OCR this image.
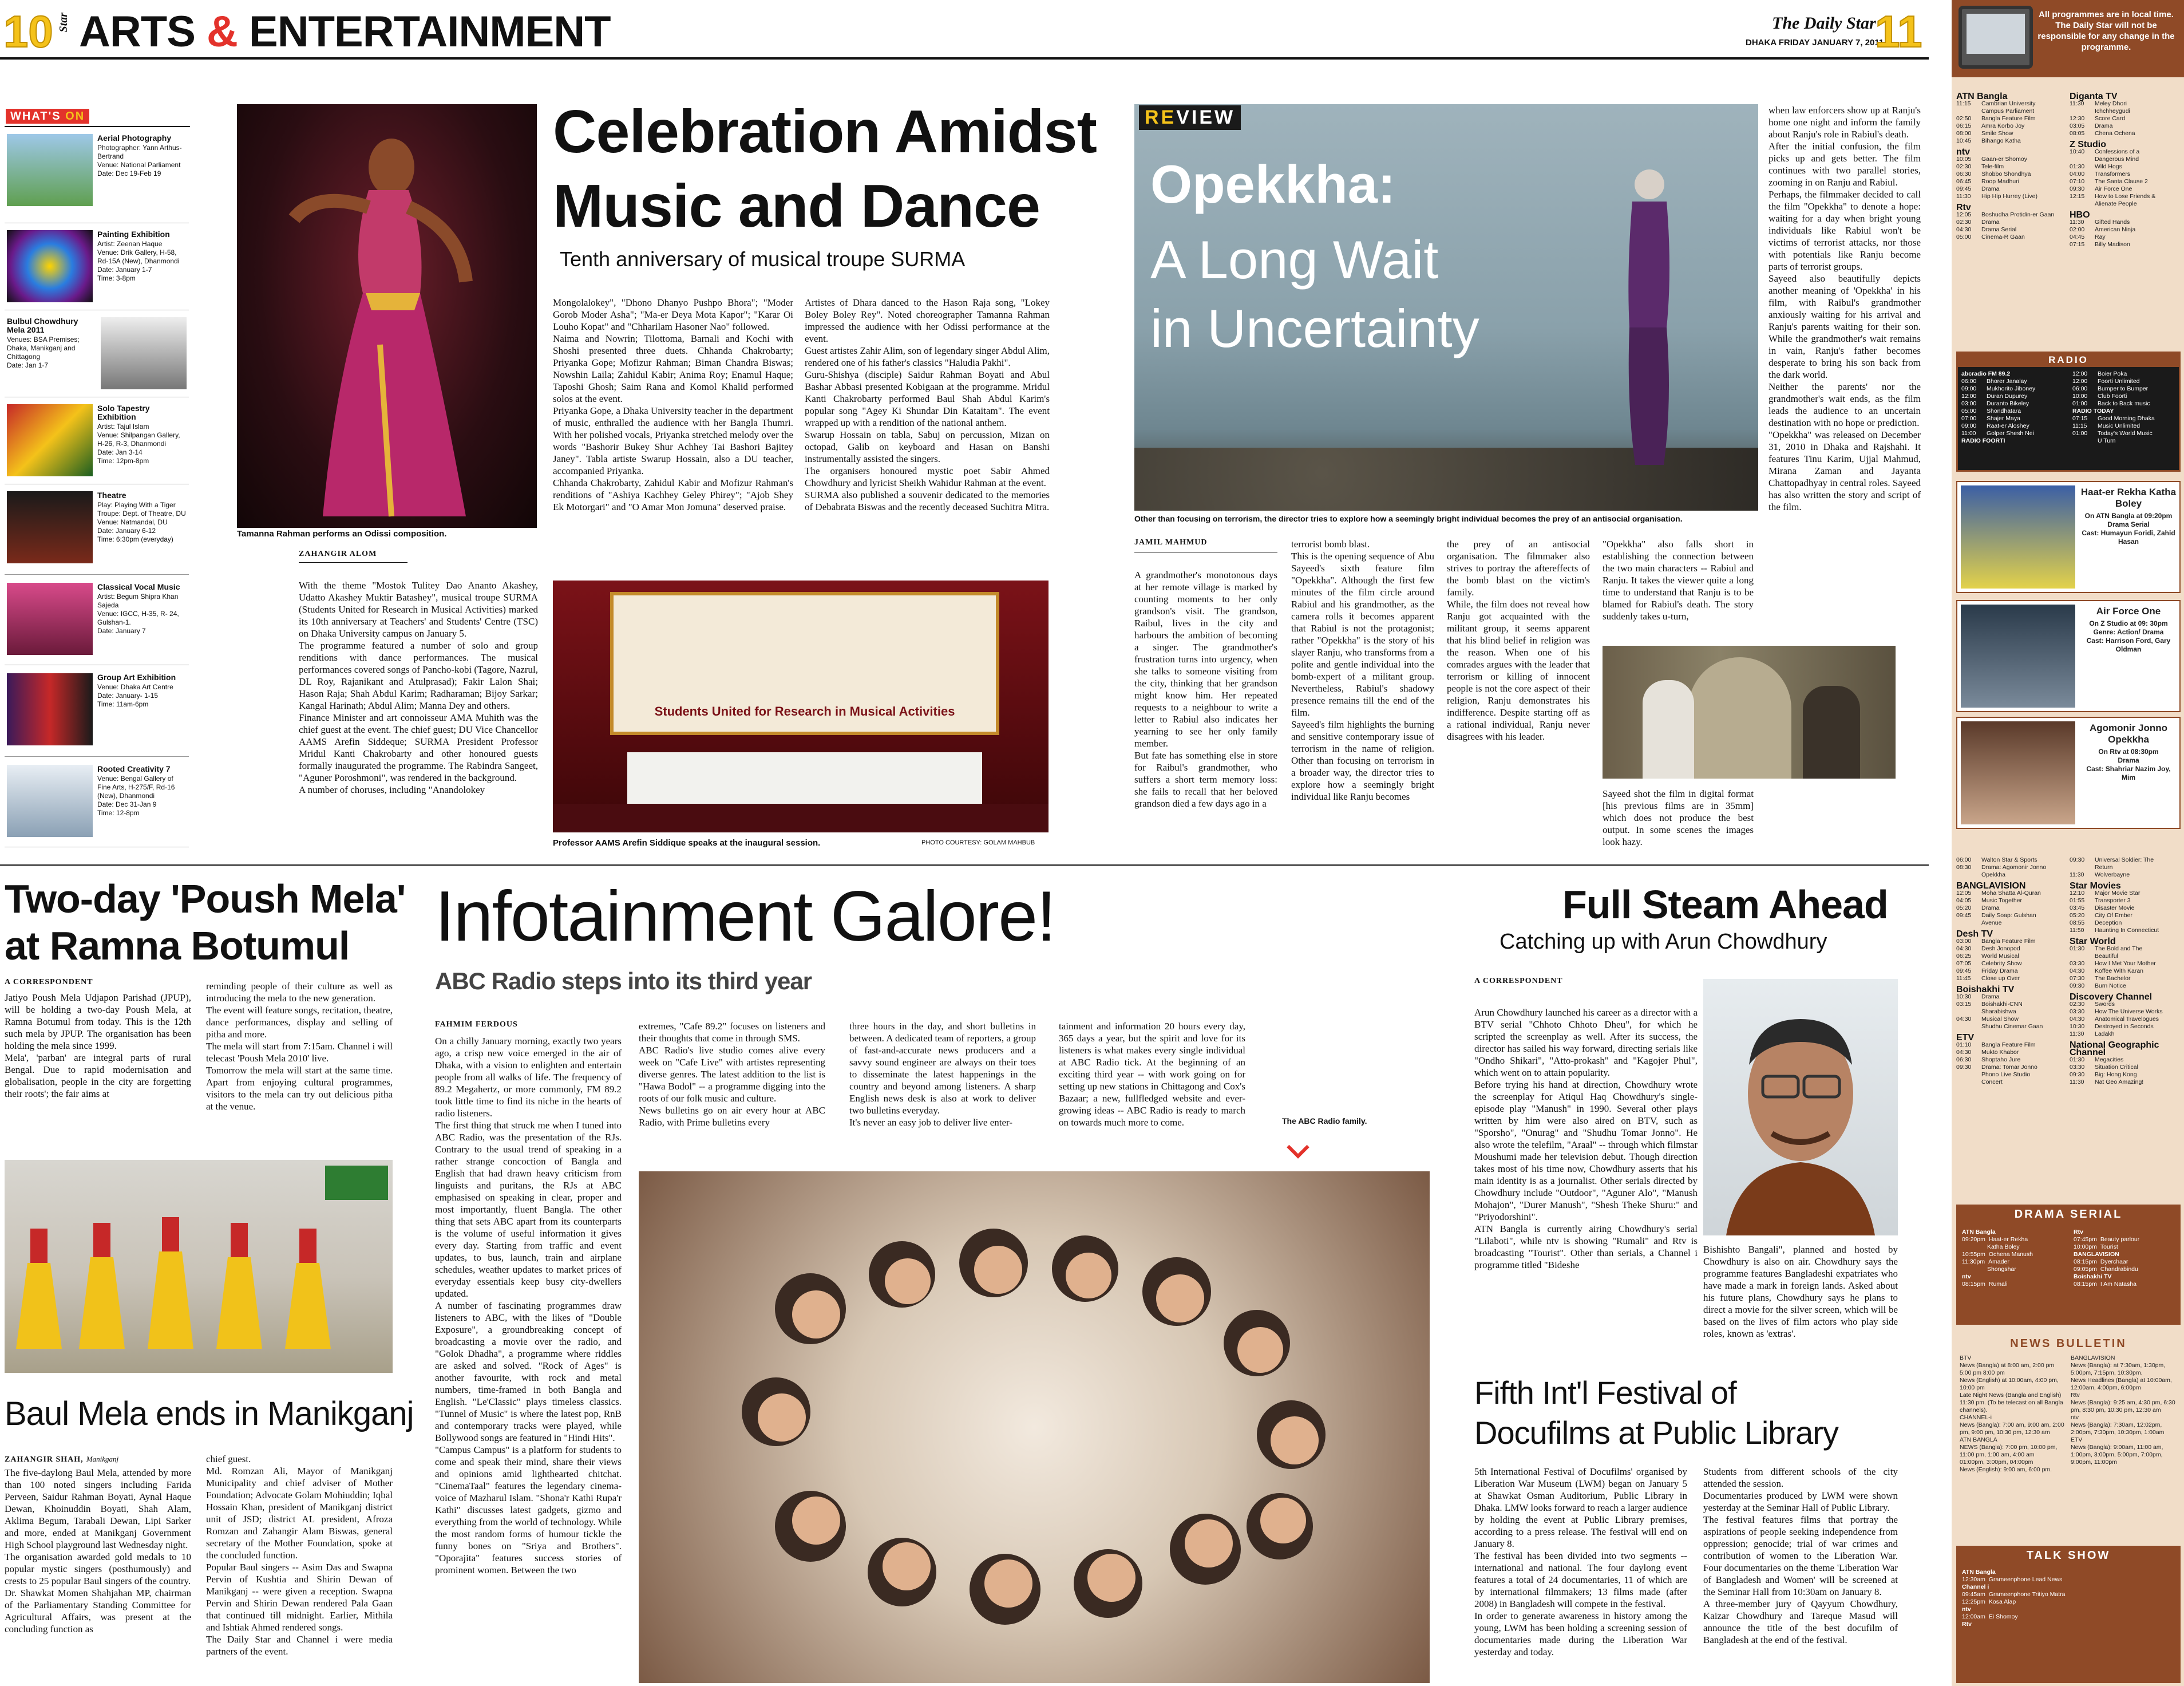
10 Star ARTS & ENTERTAINMENT	The Daily Star
DHAKA FRIDAY JANUARY 7, 2011
11	All programmes are in local time. The Daily Star will not be responsible for any change in the programme.
WHAT'S ON
Aerial Photography
Photographer: Yann Arthus-Bertrand
Venue: National Parliament
Date: Dec 19-Feb 19
Painting Exhibition
Artist: Zeenan Haque
Venue: Drik Gallery, H-58, Rd-15A (New), Dhanmondi
Date: January 1-7
Time: 3-8pm
Bulbul Chowdhury Mela 2011
Venues: BSA Premises; Dhaka, Manikganj and Chittagong
Date: Jan 1-7
Solo Tapestry Exhibition
Artist: Tajul Islam
Venue: Shilpangan Gallery, H-26, R-3, Dhanmondi
Date: Jan 3-14
Time: 12pm-8pm
Theatre
Play: Playing With a Tiger
Troupe: Dept. of Theatre, DU
Venue: Natmandal, DU
Date: January 6-12
Time: 6:30pm (everyday)
Classical Vocal Music
Artist: Begum Shipra Khan Sajeda
Venue: IGCC, H-35, R- 24, Gulshan-1.
Date: January 7
Group Art Exhibition
Venue: Dhaka Art Centre
Date: January- 1-15
Time: 11am-6pm
Rooted Creativity 7
Venue: Bengal Gallery of Fine Arts, H-275/F, Rd-16 (New), Dhanmondi
Date: Dec 31-Jan 9
Time: 12-8pm
Tamanna Rahman performs an Odissi composition.
Celebration Amidst
Music and Dance
Tenth anniversary of musical troupe SURMA
ZAHANGIR ALOM
With the theme "Mostok Tulitey Dao Ananto Akashey, Udatto Akashey Muktir Batashey", musical troupe SURMA (Students United for Research in Musical Activities) marked its 10th anniversary at Teachers' and Students' Centre (TSC) on Dhaka University campus on January 5.
The programme featured a number of solo and group renditions with dance performances. The musical performances covered songs of Pancho-kobi (Tagore, Nazrul, DL Roy, Rajanikant and Atulprasad); Fakir Lalon Shai; Hason Raja; Shah Abdul Karim; Radharaman; Bijoy Sarkar; Kangal Harinath; Abdul Alim; Manna Dey and others.
Finance Minister and art connoisseur AMA Muhith was the chief guest at the event. The chief guest; DU Vice Chancellor AAMS Arefin Siddeque; SURMA President Professor Mridul Kanti Chakrobarty and other honoured guests formally inaugurated the programme. The Rabindra Sangeet, "Aguner Poroshmoni", was rendered in the background.
A number of choruses, including "Anandolokey
Mongolalokey", "Dhono Dhanyo Pushpo Bhora"; "Moder Gorob Moder Asha"; "Ma-er Deya Mota Kapor"; "Karar Oi Louho Kopat" and "Chharilam Hasoner Nao" followed.
Naima and Nowrin; Tilottoma, Barnali and Kochi with Shoshi presented three duets. Chhanda Chakrobarty; Priyanka Gope; Mofizur Rahman; Biman Chandra Biswas; Nowshin Laila; Zahidul Kabir; Anima Roy; Enamul Haque; Taposhi Ghosh; Saim Rana and Komol Khalid performed solos at the event.
Priyanka Gope, a Dhaka University teacher in the department of music, enthralled the audience with her Bangla Thumri. With her polished vocals, Priyanka stretched melody over the words "Bashorir Bukey Shur Achhey Tai Bashori Bajitey Janey". Tabla artiste Swarup Hossain, also a DU teacher, accompanied Priyanka.
Chhanda Chakrobarty, Zahidul Kabir and Mofizur Rahman's renditions of "Ashiya Kachhey Geley Phirey"; "Ajob Shey Ek Motorgari" and "O Amar Mon Jomuna" deserved praise.
Artistes of Dhara danced to the Hason Raja song, "Lokey Boley Boley Rey". Noted choreographer Tamanna Rahman impressed the audience with her Odissi performance at the event.
Guest artistes Zahir Alim, son of legendary singer Abdul Alim, rendered one of his father's classics "Haludia Pakhi".
Guru-Shishya (disciple) Saidur Rahman Boyati and Abul Bashar Abbasi presented Kobigaan at the programme. Mridul Kanti Chakrobarty performed Baul Shah Abdul Karim's popular song "Agey Ki Shundar Din Kataitam". The event wrapped up with a rendition of the national anthem.
Swarup Hossain on tabla, Sabuj on percussion, Mizan on octopad, Galib on keyboard and Hasan on Banshi instrumentally assisted the singers.
The organisers honoured mystic poet Sabir Ahmed Chowdhury and lyricist Sheikh Wahidur Rahman at the event.
SURMA also published a souvenir dedicated to the memories of Debabrata Biswas and the recently deceased Suchitra Mitra.
Students United for Research in Musical Activities
Professor AAMS Arefin Siddique speaks at the inaugural session.	PHOTO COURTESY: GOLAM MAHBUB
REVIEW
Opekkha:
A Long Wait
in Uncertainty
Other than focusing on terrorism, the director tries to explore how a seemingly bright individual becomes the prey of an antisocial organisation.
JAMIL MAHMUD
A grandmother's monotonous days at her remote village is marked by counting moments to her only grandson's visit. The grandson, Raibul, lives in the city and harbours the ambition of becoming a singer. The grandmother's frustration turns into urgency, when she talks to someone visiting from the city, thinking that her grandson might know him. Her repeated requests to a neighbour to write a letter to Rabiul also indicates her yearning to see her only family member.
But fate has something else in store for Raibul's grandmother, who suffers a short term memory loss: she fails to recall that her beloved grandson died a few days ago in a
terrorist bomb blast.
This is the opening sequence of Abu Sayeed's sixth feature film "Opekkha". Although the first few minutes of the film circle around Rabiul and his grandmother, as the camera rolls it becomes apparent that Rabiul is not the protagonist; rather "Opekkha" is the story of his slayer Ranju, who transforms from a polite and gentle individual into the bomb-expert of a militant group. Nevertheless, Rabiul's shadowy presence remains till the end of the film.
Sayeed's film highlights the burning and sensitive contemporary issue of terrorism in the name of religion. Other than focusing on terrorism in a broader way, the director tries to explore how a seemingly bright individual like Ranju becomes
the prey of an antisocial organisation. The filmmaker also strives to portray the aftereffects of the bomb blast on the victim's family.
While, the film does not reveal how Ranju got acquainted with the militant group, it seems apparent that his blind belief in religion was the reason. When one of his comrades argues with the leader that terrorism or killing of innocent people is not the core aspect of their religion, Ranju demonstrates his indifference. Despite starting off as a rational individual, Ranju never disagrees with his leader.
"Opekkha" also falls short in establishing the connection between the two main characters -- Rabiul and Ranju. It takes the viewer quite a long time to understand that Ranju is to be blamed for Rabiul's death. The story suddenly takes u-turn,
Sayeed shot the film in digital format [his previous films are in 35mm] which does not produce the best output. In some scenes the images look hazy.
when law enforcers show up at Ranju's home one night and inform the family about Ranju's role in Rabiul's death.
After the initial confusion, the film picks up and gets better. The film continues with two parallel stories, zooming in on Ranju and Rabiul.
Perhaps, the filmmaker decided to call the film "Opekkha" to denote a hope: waiting for a day when bright young individuals like Rabiul won't be victims of terrorist attacks, nor those with potentials like Ranju become parts of terrorist groups.
Sayeed also beautifully depicts another meaning of 'Opekkha' in his film, with Raibul's grandmother anxiously waiting for his arrival and Ranju's parents waiting for their son. While the grandmother's wait remains in vain, Ranju's father becomes desperate to bring his son back from the dark world.
Neither the parents' nor the grandmother's wait ends, as the film leads the audience to an uncertain destination with no hope or prediction.
"Opekkha" was released on December 31, 2010 in Dhaka and Rajshahi. It features Tinu Karim, Ujjal Mahmud, Mirana Zaman and Jayanta Chattopadhyay in central roles. Sayeed has also written the story and script of the film.
Two-day 'Poush Mela'
at Ramna Botumul
A CORRESPONDENT
Jatiyo Poush Mela Udjapon Parishad (JPUP), will be holding a two-day Poush Mela, at Ramna Botumul from today. This is the 12th such mela by JPUP. The organisation has been holding the mela since 1999.
Mela', 'parban' are integral parts of rural Bengal. Due to rapid modernisation and globalisation, people in the city are forgetting their roots'; the fair aims at
reminding people of their culture as well as introducing the mela to the new generation.
The event will feature songs, recitation, theatre, dance performances, display and selling of pitha and more.
The mela will start from 7:15am. Channel i will telecast 'Poush Mela 2010' live.
Tomorrow the mela will start at the same time. Apart from enjoying cultural programmes, visitors to the mela can try out delicious pitha at the venue.
Baul Mela ends in Manikganj
ZAHANGIR SHAH, Manikganj
The five-daylong Baul Mela, attended by more than 100 noted singers including Farida Perveen, Saidur Rahman Boyati, Aynal Haque Dewan, Khoinuddin Boyati, Shah Alam, Aklima Begum, Tarabali Dewan, Lipi Sarker and more, ended at Manikganj Government High School playground last Wednesday night.
The organisation awarded gold medals to 10 popular mystic singers (posthumously) and crests to 25 popular Baul singers of the country.
Dr. Shawkat Momen Shahjahan MP, chairman of the Parliamentary Standing Committee for Agricultural Affairs, was present at the concluding function as
chief guest.
Md. Romzan Ali, Mayor of Manikganj Municipality and chief adviser of Mother Foundation; Advocate Golam Mohiuddin; Iqbal Hossain Khan, president of Manikganj district unit of JSD; district AL president, Afroza Romzan and Zahangir Alam Biswas, general secretary of the Mother Foundation, spoke at the concluded function.
Popular Baul singers -- Asim Das and Swapna Pervin of Kushtia and Shirin Dewan of Manikganj -- were given a reception. Swapna Pervin and Shirin Dewan rendered Pala Gaan that continued till midnight. Earlier, Mithila and Ishtiak Ahmed rendered songs.
The Daily Star and Channel i were media partners of the event.
Infotainment Galore!
ABC Radio steps into its third year
FAHMIM FERDOUS
On a chilly January morning, exactly two years ago, a crisp new voice emerged in the air of Dhaka, with a vision to enlighten and entertain people from all walks of life. The frequency of 89.2 Megahertz, or more commonly, FM 89.2 took little time to find its niche in the hearts of radio listeners.
The first thing that struck me when I tuned into ABC Radio, was the presentation of the RJs. Contrary to the usual trend of speaking in a rather strange concoction of Bangla and English that had drawn heavy criticism from linguists and puritans, the RJs at ABC emphasised on speaking in clear, proper and most importantly, fluent Bangla. The other thing that sets ABC apart from its counterparts is the volume of useful information it gives every day. Starting from traffic and event updates, to bus, launch, train and airplane schedules, weather updates to market prices of everyday essentials keep busy city-dwellers updated.
A number of fascinating programmes draw listeners to ABC, with the likes of "Double Exposure", a groundbreaking concept of broadcasting a movie over the radio, and "Golok Dhadha", a programme where riddles are asked and solved. "Rock of Ages" is another favourite, with rock and metal numbers, time-framed in both Bangla and English. "Le'Classic" plays timeless classics. "Tunnel of Music" is where the latest pop, RnB and contemporary tracks were played, while Bollywood songs are featured in "Hindi Hits".
"Campus Campus" is a platform for students to come and speak their mind, share their views and opinions amid lighthearted chitchat. "CinemaTaal" features the legendary cinema-voice of Mazharul Islam. "Shona'r Kathi Rupa'r Kathi" discusses latest gadgets, gizmo and everything from the world of technology. While the most random forms of humour tickle the funny bones on "Sriya and Brothers". "Oporajita" features success stories of prominent women. Between the two
extremes, "Cafe 89.2" focuses on listeners and their thoughts that come in through SMS.
ABC Radio's live studio comes alive every week on "Cafe Live" with artistes representing diverse genres. The latest addition to the list is "Hawa Bodol" -- a programme digging into the roots of our folk music and culture.
News bulletins go on air every hour at ABC Radio, with Prime bulletins every
three hours in the day, and short bulletins in between. A dedicated team of reporters, a group of fast-and-accurate news producers and a savvy sound engineer are always on their toes to disseminate the latest happenings in the country and beyond among listeners. A sharp English news desk is also at work to deliver two bulletins everyday.
It's never an easy job to deliver live enter-
tainment and information 20 hours every day, 365 days a year, but the spirit and love for its listeners is what makes every single individual at ABC Radio tick. At the beginning of an exciting third year -- with work going on for setting up new stations in Chittagong and Cox's Bazaar; a new, fullfledged website and ever-growing ideas -- ABC Radio is ready to march on towards much more to come.	The ABC Radio family.
Full Steam Ahead
Catching up with Arun Chowdhury
A CORRESPONDENT
Arun Chowdhury launched his career as a director with a BTV serial "Chhoto Chhoto Dheu", for which he scripted the screenplay as well. After its success, the director has sailed his way forward, directing serials like "Ondho Shikari", "Atto-prokash" and "Kagojer Phul", which went on to attain popularity.
Before trying his hand at direction, Chowdhury wrote the screenplay for Atiqul Haq Chowdhury's single-episode play "Manush" in 1990. Several other plays written by him were also aired on BTV, such as "Sporsho", "Onurag" and "Shudhu Tomar Jonno". He also wrote the telefilm, "Araal" -- through which filmstar Moushumi made her television debut. Though direction takes most of his time now, Chowdhury asserts that his main identity is as a journalist. Other serials directed by Chowdhury include "Outdoor", "Aguner Alo", "Manush Mohajon", "Durer Manush", "Shesh Theke Shuru:" and "Priyodorshini".
ATN Bangla is currently airing Chowdhury's serial "Lilaboti", while ntv is showing "Rumali" and Rtv is broadcasting "Tourist". Other than serials, a Channel i programme titled "Bideshe
Bishishto Bangali", planned and hosted by Chowdhury is also on air. Chowdhury says the programme features Bangladeshi expatriates who have made a mark in foreign lands. Asked about his future plans, Chowdhury says he plans to direct a movie for the silver screen, which will be based on the lives of film actors who play side roles, known as 'extras'.
Fifth Int'l Festival of
Docufilms at Public Library
5th International Festival of Docufilms' organised by Liberation War Museum (LWM) began on January 5 at Shawkat Osman Auditorium, Public Library in Dhaka. LMW looks forward to reach a larger audience by holding the event at Public Library premises, according to a press release. The festival will end on January 8.
The festival has been divided into two segments -- international and national. The four daylong event features a total of 24 documentaries, 11 of which are by international filmmakers; 13 films made (after 2008) in Bangladesh will compete in the festival.
In order to generate awareness in history among the young, LWM has been holding a screening session of documentaries made during the Liberation War yesterday and today.
Students from different schools of the city attended the session.
Documentaries produced by LWM were shown yesterday at the Seminar Hall of Public Library.
The festival features films that portray the aspirations of people seeking independence from oppression; genocide; trial of war crimes and contribution of women to the Liberation War. Four documentaries on the theme 'Liberation War of Bangladesh and Women' will be screened at the Seminar Hall from 10:30am on January 8.
A three-member jury of Qayyum Chowdhury, Kaizar Chowdhury and Tareque Masud will announce the title of the best docufilm of Bangladesh at the end of the festival.
ATN Bangla
11:15	Cambrian University
Campus Parliament
02:50	Bangla Feature Film
06:15	Amra Korbo Joy
08:00	Smile Show
10:45	Bihango Katha
ntv
10:05	Gaan-er Shomoy
02:30	Tele-film
06:30	Shobbo Shondhya
06:45	Roop Madhuri
09:45	Drama
11:30	Hip Hip Hurrey (Live)
Rtv
12:05	Boshudha Protidin-er Gaan
02:30	Drama
04:30	Drama Serial
05:00	Cinema-R Gaan
Diganta TV
11:30	Meley Dhori
Ichchheygudi
12:30	Score Card
03:05	Drama
08:05	Chena Ochena
Z Studio
10:40	Confessions of a
Dangerous Mind
01:30	Wild Hogs
04:00	Transformers
07:10	The Santa Clause 2
09:30	Air Force One
12:15	How to Lose Friends &
Alienate People
HBO
11:30	Gifted Hands
02:00	American Ninja
04:45	Ray
07:15	Billy Madison
RADIO
abcradio FM 89.2
06:00	Bhorer Janalay
09:00	Mukhorito Jiboney
12:00	Duran Dupurey
03:00	Duranto Bikeley
05:00	Shondhatara
07:00	Shajer Maya
09:00	Raat-er Aloshey
11:00	Golper Shesh Nei
RADIO FOORTI
12:00	Boier Poka
12:00	Foorti Unlimited
06:00	Bumper to Bumper
10:00	Club Foorti
01:00	Back to Back music
RADIO TODAY
07:15	Good Morning Dhaka
11:15	Music Unlimited
01:00	Today's World Music
U Turn
Haat-er Rekha Katha Boley
On ATN Bangla at 09:20pm
Drama Serial
Cast: Humayun Foridi, Zahid Hasan
Air Force One
On Z Studio at 09: 30pm
Genre: Action/ Drama
Cast: Harrison Ford, Gary Oldman
Agomonir Jonno Opekkha
On Rtv at 08:30pm
Drama
Cast: Shahriar Nazim Joy, Mim
06:00	Walton Star & Sports
08:30	Drama: Agomonir Jonno
Opekkha
BANGLAVISION
12:05	Moha Shatta Al-Quran
04:05	Music Together
05:20	Drama
09:45	Daily Soap: Gulshan
Avenue
Desh TV
03:00	Bangla Feature Film
04:30	Desh Jonopod
06:25	World Musical
07:05	Celebrity Show
09:45	Friday Drama
11:45	Close up Over
Boishakhi TV
10:30	Drama
03:15	Boishakhi-CNN
Sharabishwa
04:30	Musical Show
Shudhu Cinemar Gaan
ETV
01:10	Bangla Feature Film
04:30	Mukto Khabor
06:30	Shoptaho Jure
09:30	Drama: Tomar Jonno
Phono Live Studio
Concert
09:30	Universal Soldier: The
Return
11:30	Wolverbayne
Star Movies
12:10	Major Movie Star
01:55	Transporter 3
03:45	Disaster Movie
05:20	City Of Ember
08:55	Deception
11:50	Haunting In Connecticut
Star World
01:30	The Bold and The
Beautiful
03:30	How I Met Your Mother
04:30	Koffee With Karan
07:30	The Bachelor
09:30	Burn Notice
Discovery Channel
02:30	Swords
03:30	How The Universe Works
04:30	Anatomical Travelogues
10:30	Destroyed in Seconds
11:30	Ladakh
National Geographic Channel
01:30	Megacities
03:30	Situation Critical
09:30	Big: Hong Kong
11:30	Nat Geo Amazing!
DRAMA SERIAL
ATN Bangla
09:20pm Haat-er Rekha
Katha Boley
10:55pm Ochena Manush
11:30pm Amader
Shongshar
ntv
08:15pm Rumali
Rtv
07:45pm Beauty parlour
10:00pm Tourist
BANGLAVISION
08:15pm Dyerchaar
09:05pm Chandrabindu
Boishakhi TV
08:15pm I Am Natasha
NEWS BULLETIN
BTV
News (Bangla) at 8:00 am, 2:00 pm 5:00 pm 8:00 pm
News (English) at 10:00am, 4:00 pm, 10:00 pm
Late Night News (Bangla and English) 11:30 pm. (To be telecast on all Bangla channels).
CHANNEL-i
News (Bangla): 7:00 am, 9:00 am, 2:00 pm, 9:00 pm, 10:30 pm, 12:30 am
ATN BANGLA
NEWS (Bangla): 7:00 pm, 10:00 pm, 11:00 pm, 1:00 am, 4:00 am
01:00pm, 3:00pm, 04:00pm
News (English): 9:00 am, 6:00 pm.
BANGLAVISION
News (Bangla): at 7:30am, 1:30pm, 5:00pm, 7:15pm, 10:30pm.
News Headlines (Bangla) at 10:00am, 12:00am, 4:00pm, 6:00pm
Rtv
News (Bangla): 9:25 am, 4:30 pm, 6:30 pm, 8:30 pm, 10:30 pm, 12:30 am
ntv
News (Bangla): 7:30am, 12:02pm, 2:00pm, 7:30pm, 10:30pm, 1:00am
ETV
News (Bangla): 9:00am, 11:00 am, 1:00pm, 3:00pm, 5:00pm, 7:00pm, 9:00pm, 11:00pm
TALK SHOW
ATN Bangla
12:30am Grameenphone Lead News
Channel i
09:45am Grameenphone Tritiyo Matra
12:25pm Kosa Alap
ntv
12:00am Ei Shomoy
Rtv
